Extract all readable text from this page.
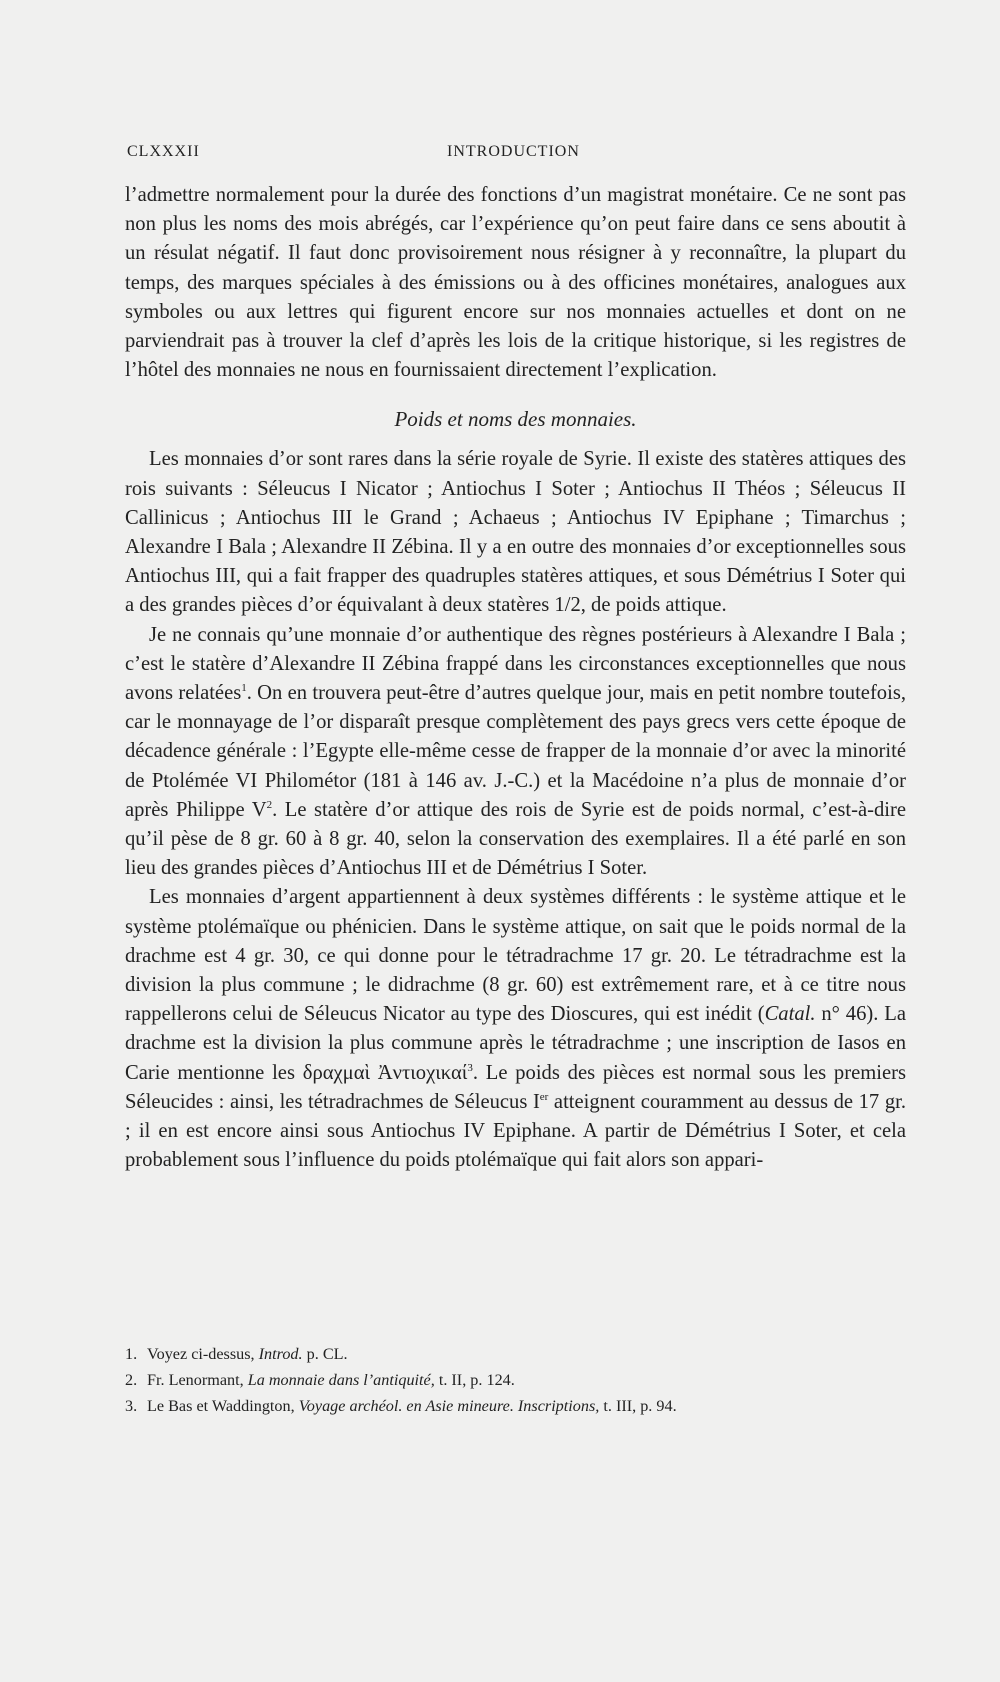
CLXXXII	INTRODUCTION

l’admettre normalement pour la durée des fonctions d’un magistrat monétaire. Ce ne sont pas non plus les noms des mois abrégés, car l’expérience qu’on peut faire dans ce sens aboutit à un résulat négatif. Il faut donc provisoirement nous résigner à y reconnaître, la plupart du temps, des marques spéciales à des émissions ou à des officines monétaires, analogues aux symboles ou aux lettres qui figurent encore sur nos monnaies actuelles et dont on ne parviendrait pas à trouver la clef d’après les lois de la critique historique, si les registres de l’hôtel des monnaies ne nous en fournissaient directement l’explication.

Poids et noms des monnaies.

Les monnaies d’or sont rares dans la série royale de Syrie. Il existe des statères attiques des rois suivants : Séleucus I Nicator ; Antiochus I Soter ; Antiochus II Théos ; Séleucus II Callinicus ; Antiochus III le Grand ; Achaeus ; Antiochus IV Epiphane ; Timarchus ; Alexandre I Bala ; Alexandre II Zébina. Il y a en outre des monnaies d’or exceptionnelles sous Antiochus III, qui a fait frapper des quadruples statères attiques, et sous Démétrius I Soter qui a des grandes pièces d’or équivalant à deux statères 1/2, de poids attique.

Je ne connais qu’une monnaie d’or authentique des règnes postérieurs à Alexandre I Bala ; c’est le statère d’Alexandre II Zébina frappé dans les circonstances exceptionnelles que nous avons relatées$^1$. On en trouvera peut-être d’autres quelque jour, mais en petit nombre toutefois, car le monnayage de l’or disparaît presque complètement des pays grecs vers cette époque de décadence générale : l’Egypte elle-même cesse de frapper de la monnaie d’or avec la minorité de Ptolémée VI Philométor (181 à 146 av. J.-C.) et la Macédoine n’a plus de monnaie d’or après Philippe $V^2$. Le statère d’or attique des rois de Syrie est de poids normal, c’est-à-dire qu’il pèse de 8 gr. 60 à 8 gr. 40, selon la conservation des exemplaires. Il a été parlé en son lieu des grandes pièces d’Antiochus III et de Démétrius I Soter.

Les monnaies d’argent appartiennent à deux systèmes différents : le système attique et le système ptolémaïque ou phénicien. Dans le système attique, on sait que le poids normal de la drachme est 4 gr. 30, ce qui donne pour le tétradrachme 17 gr. 20. Le tétradrachme est la division la plus commune ; le didrachme (8 gr. 60) est extrêmement rare, et à ce titre nous rappellerons celui de Séleucus Nicator au type des Dioscures, qui est inédit (Catal. n° 46). La drachme est la division la plus commune après le tétradrachme ; une inscription de Iasos en Carie mentionne les δραχμαὶ Ἀντιοχικαί$^3$. Le poids des pièces est normal sous les premiers Séleucides : ainsi, les tétradrachmes de Séleucus Ier atteignent couramment au dessus de 17 gr. ; il en est encore ainsi sous Antiochus IV Epiphane. A partir de Démétrius I Soter, et cela probablement sous l’influence du poids ptolémaïque qui fait alors son appari-

1. Voyez ci-dessus, Introd. p. CL.
2. Fr. Lenormant, La monnaie dans l’antiquité, t. II, p. 124.
3. Le Bas et Waddington, Voyage archéol. en Asie mineure. Inscriptions, t. III, p. 94.
